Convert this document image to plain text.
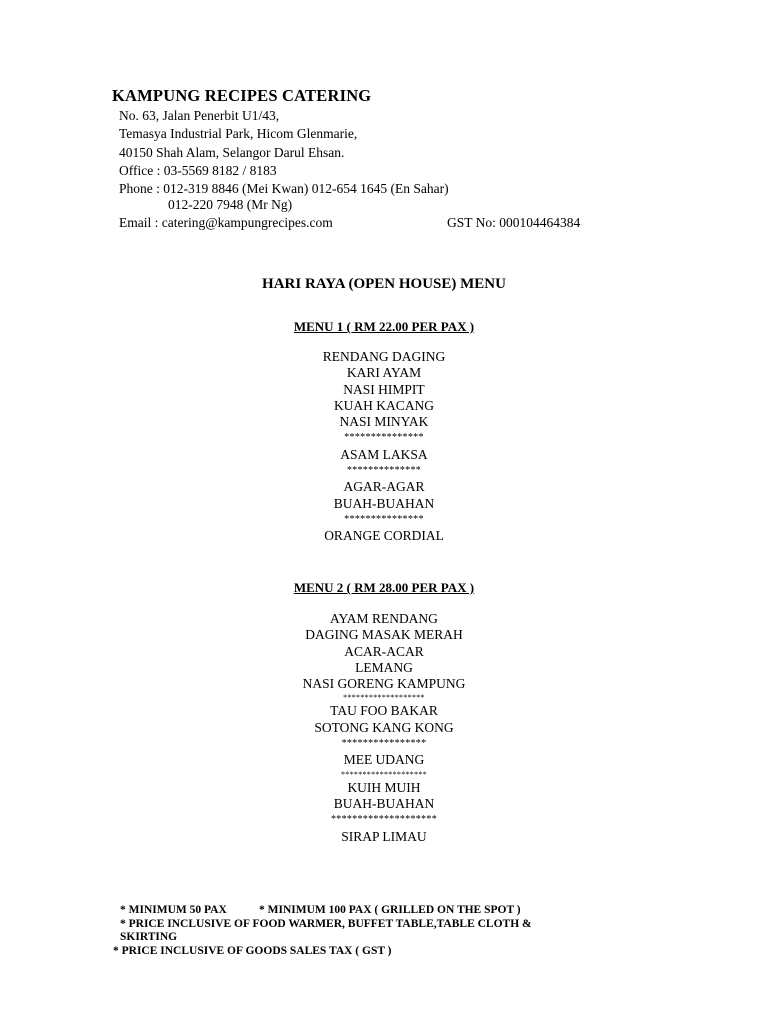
KAMPUNG RECIPES CATERING
No. 63, Jalan Penerbit U1/43,
Temasya Industrial Park, Hicom Glenmarie,
40150 Shah Alam, Selangor Darul Ehsan.
Office : 03-5569 8182 / 8183
Phone : 012-319 8846 (Mei Kwan) 012-654 1645 (En Sahar)
012-220 7948 (Mr Ng)
Email : catering@kampungrecipes.com	GST No: 000104464384
HARI RAYA (OPEN HOUSE) MENU
MENU 1 ( RM 22.00 PER PAX )
RENDANG DAGING
KARI AYAM
NASI HIMPIT
KUAH KACANG
NASI MINYAK
***************
ASAM LAKSA
**************
AGAR-AGAR
BUAH-BUAHAN
***************
ORANGE CORDIAL
MENU 2 ( RM 28.00 PER PAX )
AYAM RENDANG
DAGING MASAK MERAH
ACAR-ACAR
LEMANG
NASI GORENG KAMPUNG
*******************
TAU FOO BAKAR
SOTONG KANG KONG
****************
MEE UDANG
********************
KUIH MUIH
BUAH-BUAHAN
********************
SIRAP LIMAU
* MINIMUM 50 PAX	* MINIMUM 100 PAX ( GRILLED ON THE SPOT )
* PRICE INCLUSIVE OF FOOD WARMER, BUFFET TABLE,TABLE CLOTH &
SKIRTING
* PRICE INCLUSIVE OF GOODS SALES TAX ( GST )
